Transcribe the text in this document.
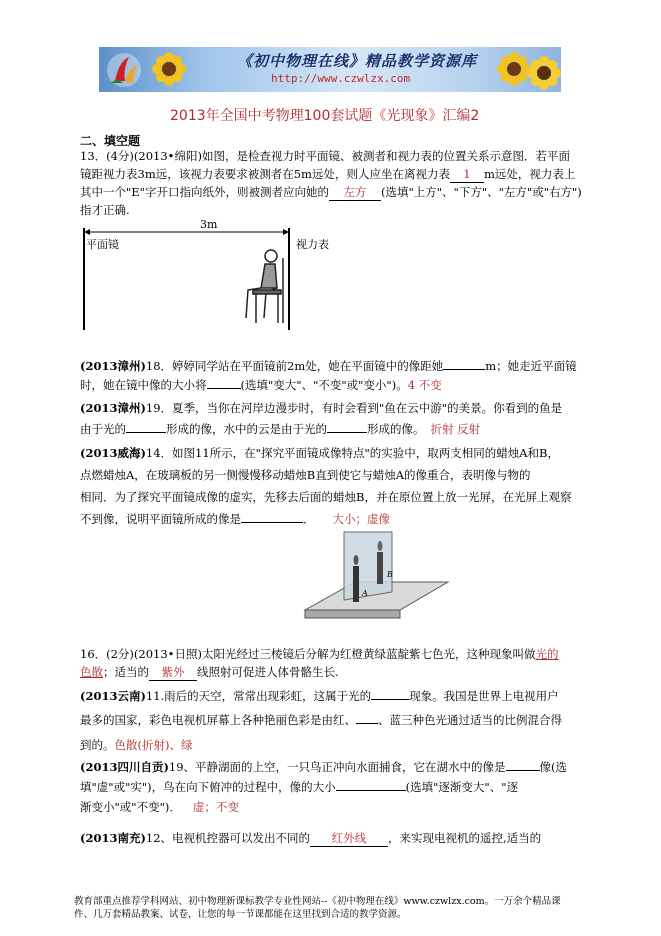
《初中物理在线》精品教学资源库
http://www.czwlzx.com
2013年全国中考物理100套试题《光现象》汇编2
二、填空题
13．(4分)(2013•绵阳)如图，是检查视力时平面镜、被测者和视力表的位置关系示意图．若平面
镜距视力表3m远，该视力表要求被测者在5m远处，则人应坐在离视力表 1 m远处，视力表上
其中一个"E"字开口指向纸外，则被测者应向她的 左方 (选填"上方"、"下方"、"左方"或"右方")
指才正确.
平面镜
3m
视力表
(2013漳州)18．婷婷同学站在平面镜前2m处，她在平面镜中的像距她	m；她走近平面镜
时，她在镜中像的大小将	(选填"变大"、"不变"或"变小")。4 不变
(2013漳州)19．夏季，当你在河岸边漫步时，有时会看到"鱼在云中游"的美景。你看到的鱼是
由于光的	形成的像，水中的云是由于光的	形成的像。 折射 反射
(2013威海)14．如图11所示，在"探究平面镜成像特点"的实验中，取两支相同的蜡烛A和B，
点燃蜡烛A，在玻璃板的另一侧慢慢移动蜡烛B直到使它与蜡烛A的像重合，表明像与物的
相同．为了探究平面镜成像的虚实，先移去后面的蜡烛B，并在原位置上放一光屏，在光屏上观察
不到像，说明平面镜所成的像是	． 大小；虚像
A
B
16．(2分)(2013•日照)太阳光经过三棱镜后分解为红橙黄绿蓝靛紫七色光，这种现象叫做光的
色散；适当的 紫外 线照射可促进人体骨骼生长.
(2013云南)11.雨后的天空，常常出现彩虹，这属于光的	现象。我国是世界上电视用户
最多的国家，彩色电视机屏幕上各种艳丽色彩是由红、 、蓝三种色光通过适当的比例混合得
到的。色散(折射)、绿
(2013四川自贡)19、平静湖面的上空，一只鸟正冲向水面捕食，它在湖水中的像是	像(选
填"虚"或"实")，鸟在向下俯冲的过程中，像的大小	(选填"逐渐变大"、"逐
渐变小"或"不变")． 虚；不变
(2013南充)12、电视机控器可以发出不同的 红外线 ，来实现电视机的遥控,适当的
教育部重点推荐学科网站、初中物理新课标教学专业性网站--《初中物理在线》www.czwlzx.com。一万余个精品课
件、几万套精品教案、试卷，让您的每一节课都能在这里找到合适的教学资源。
